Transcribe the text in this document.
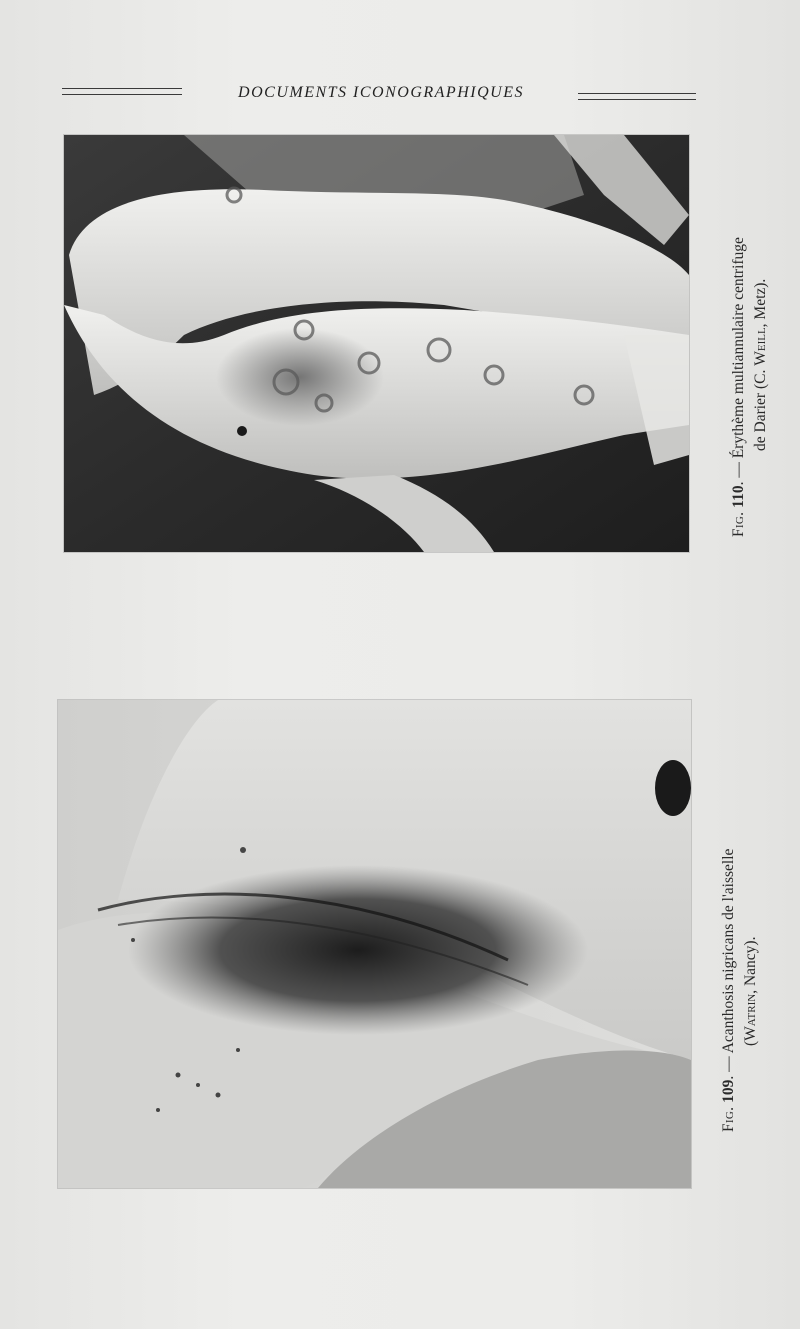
DOCUMENTS ICONOGRAPHIQUES
Fig. 110. — Érythème multiannulaire centrifuge de Darier (C. Weill, Metz).
Fig. 109. — Acanthosis nigricans de l'aisselle (Watrin, Nancy).
